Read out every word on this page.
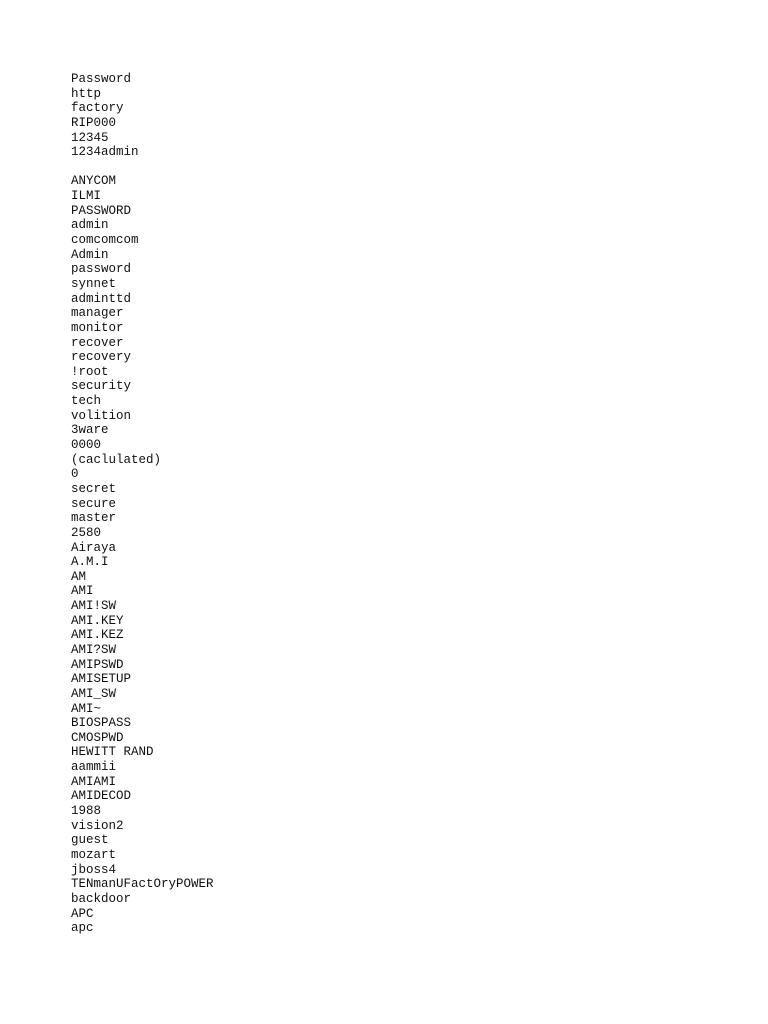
Password
http
factory
RIP000
12345
1234admin
ANYCOM
ILMI
PASSWORD
admin
comcomcom
Admin
password
synnet
adminttd
manager
monitor
recover
recovery
!root
security
tech
volition
3ware
0000
(caclulated)
0
secret
secure
master
2580
Airaya
A.M.I
AM
AMI
AMI!SW
AMI.KEY
AMI.KEZ
AMI?SW
AMIPSWD
AMISETUP
AMI_SW
AMI~
BIOSPASS
CMOSPWD
HEWITT RAND
aammii
AMIAMI
AMIDECOD
1988
vision2
guest
mozart
jboss4
TENmanUFactOryPOWER
backdoor
APC
apc
